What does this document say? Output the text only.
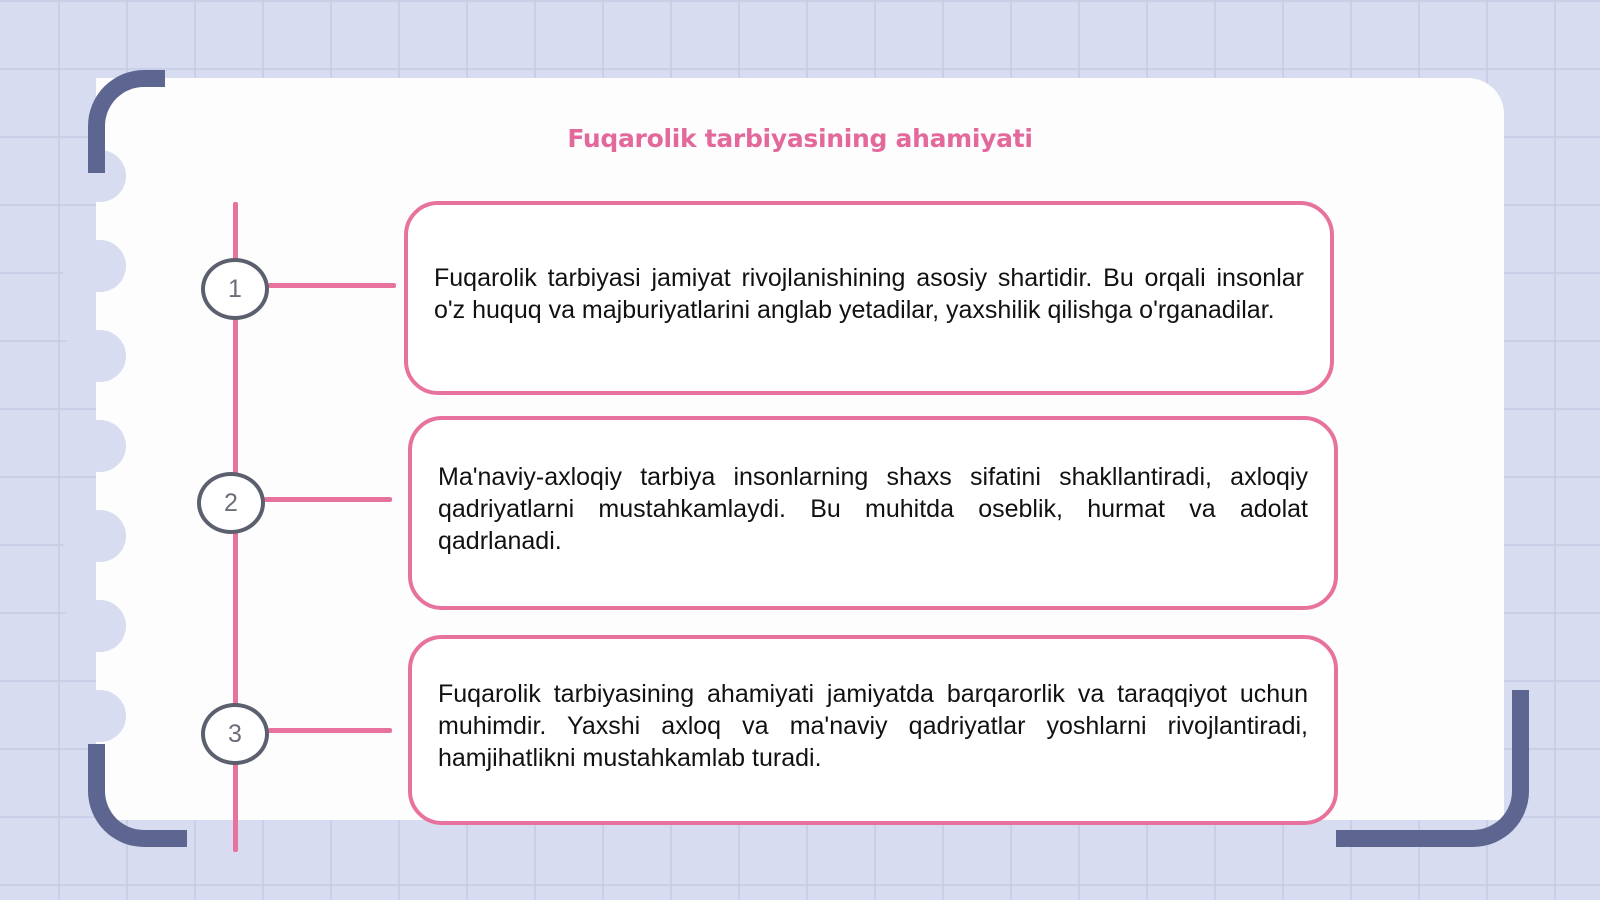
Fuqarolik tarbiyasining ahamiyati
1	Fuqarolik tarbiyasi jamiyat rivojlanishining asosiy shartidir. Bu orqali insonlar o'z huquq va majburiyatlarini anglab yetadilar, yaxshilik qilishga o'rganadilar.

2

Ma'naviy-axloqiy tarbiya insonlarning shaxs sifatini shakllantiradi, axloqiy qadriyatlarni mustahkamlaydi. Bu muhitda oseblik, hurmat va adolat qadrlanadi.

3

Fuqarolik tarbiyasining ahamiyati jamiyatda barqarorlik va taraqqiyot uchun muhimdir. Yaxshi axloq va ma'naviy qadriyatlar yoshlarni rivojlantiradi, hamjihatlikni mustahkamlab turadi.
